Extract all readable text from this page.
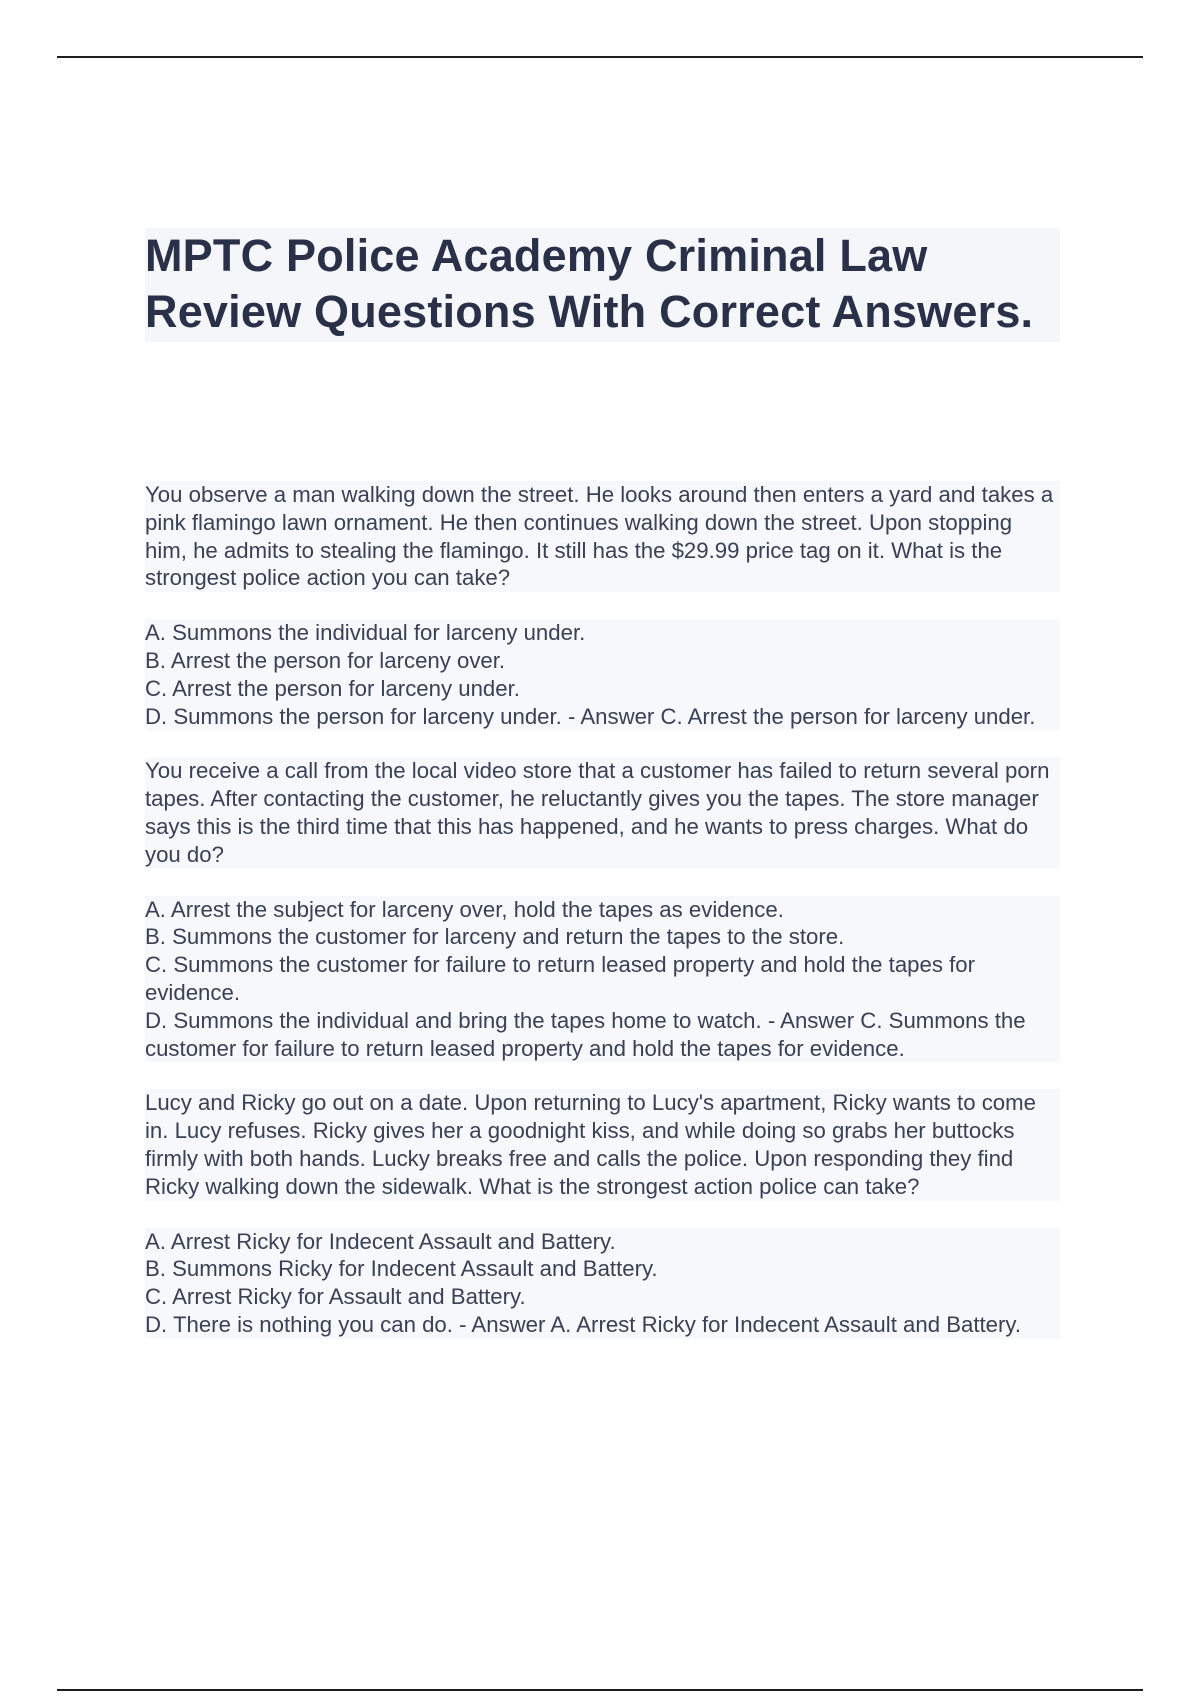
MPTC Police Academy Criminal Law Review Questions With Correct Answers.

You observe a man walking down the street. He looks around then enters a yard and takes a pink flamingo lawn ornament. He then continues walking down the street. Upon stopping him, he admits to stealing the flamingo. It still has the $29.99 price tag on it. What is the strongest police action you can take?

A. Summons the individual for larceny under.

B. Arrest the person for larceny over.

C. Arrest the person for larceny under.

D. Summons the person for larceny under. - Answer C. Arrest the person for larceny under.

You receive a call from the local video store that a customer has failed to return several porn tapes. After contacting the customer, he reluctantly gives you the tapes. The store manager says this is the third time that this has happened, and he wants to press charges. What do you do?

A. Arrest the subject for larceny over, hold the tapes as evidence.

B. Summons the customer for larceny and return the tapes to the store.

C. Summons the customer for failure to return leased property and hold the tapes for evidence.

D. Summons the individual and bring the tapes home to watch. - Answer C. Summons the customer for failure to return leased property and hold the tapes for evidence.

Lucy and Ricky go out on a date. Upon returning to Lucy's apartment, Ricky wants to come in. Lucy refuses. Ricky gives her a goodnight kiss, and while doing so grabs her buttocks firmly with both hands. Lucky breaks free and calls the police. Upon responding they find Ricky walking down the sidewalk. What is the strongest action police can take?

A. Arrest Ricky for Indecent Assault and Battery.

B. Summons Ricky for Indecent Assault and Battery.

C. Arrest Ricky for Assault and Battery.

D. There is nothing you can do. - Answer A. Arrest Ricky for Indecent Assault and Battery.
